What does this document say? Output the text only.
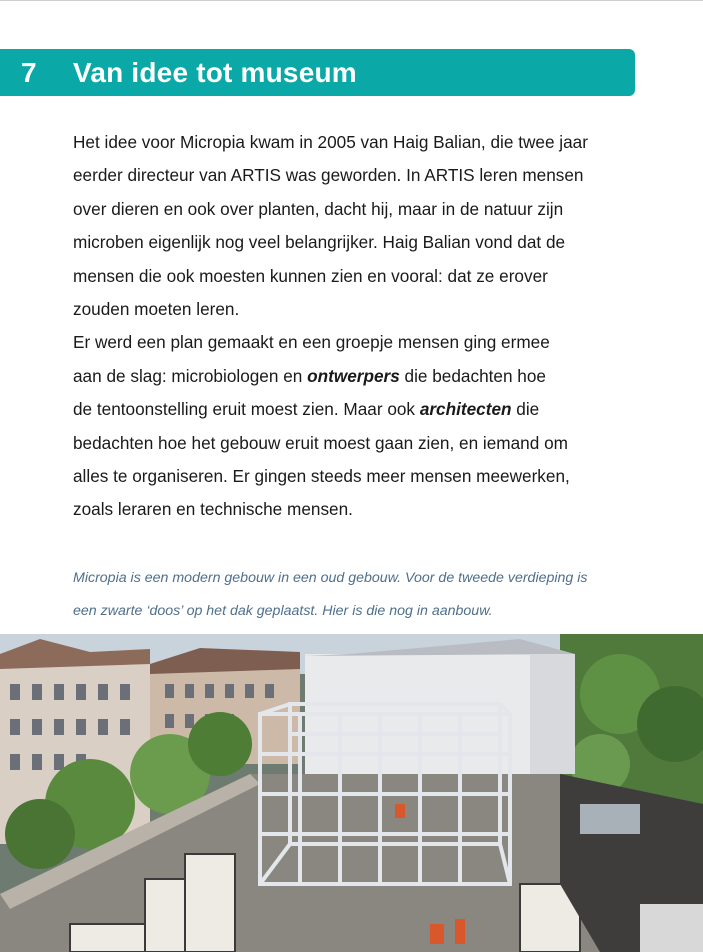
7 Van idee tot museum
Het idee voor Micropia kwam in 2005 van Haig Balian, die twee jaar
eerder directeur van ARTIS was geworden. In ARTIS leren mensen
over dieren en ook over planten, dacht hij, maar in de natuur zijn
microben eigenlijk nog veel belangrijker. Haig Balian vond dat de
mensen die ook moesten kunnen zien en vooral: dat ze erover
zouden moeten leren.
Er werd een plan gemaakt en een groepje mensen ging ermee
aan de slag: microbiologen en ontwerpers die bedachten hoe
de tentoonstelling eruit moest zien. Maar ook architecten die
bedachten hoe het gebouw eruit moest gaan zien, en iemand om
alles te organiseren. Er gingen steeds meer mensen meewerken,
zoals leraren en technische mensen.
Micropia is een modern gebouw in een oud gebouw. Voor de tweede verdieping is
een zwarte ‘doos’ op het dak geplaatst. Hier is die nog in aanbouw.
